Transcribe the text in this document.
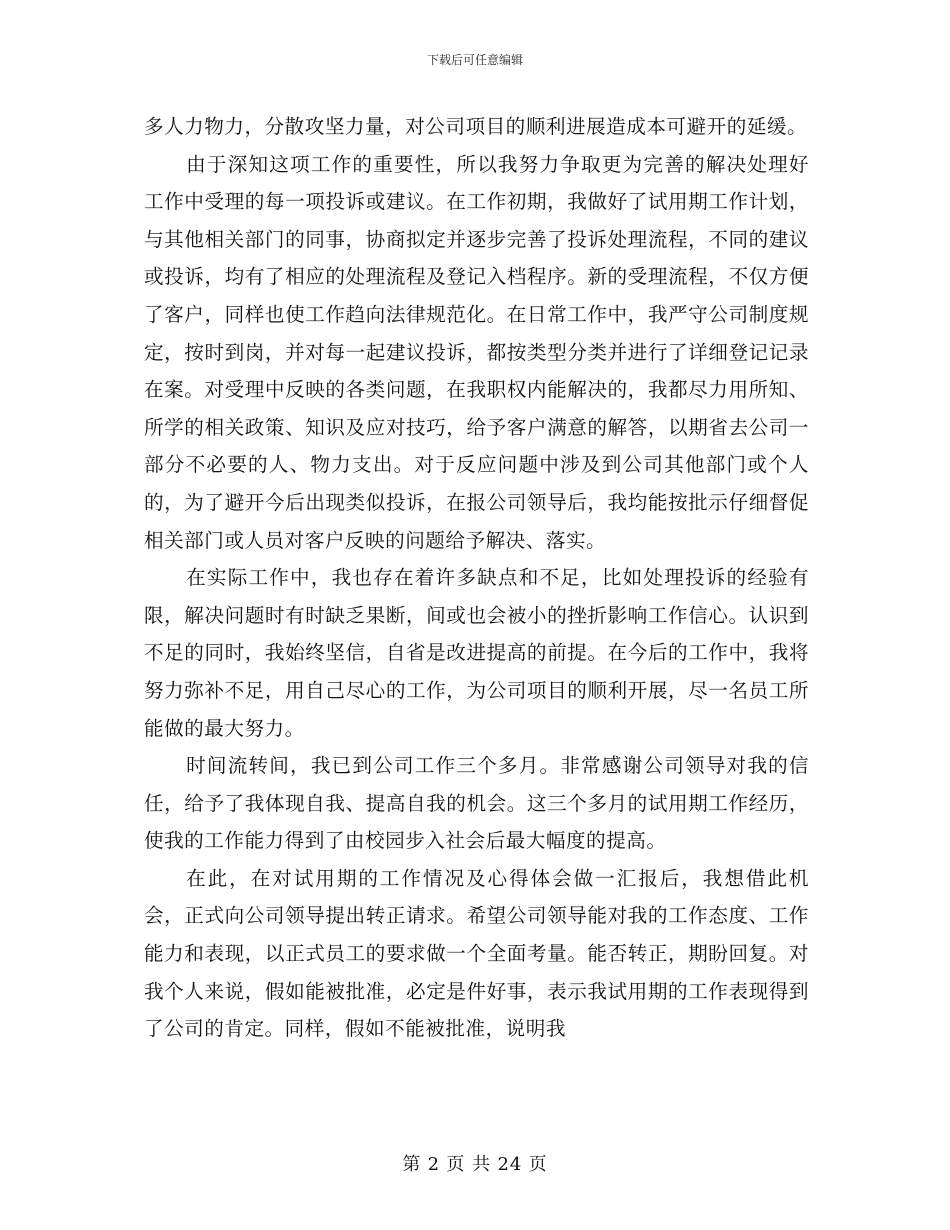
下载后可任意编辑

多人力物力，分散攻坚力量，对公司项目的顺利进展造成本可避开的延缓。

由于深知这项工作的重要性，所以我努力争取更为完善的解决处理好工作中受理的每一项投诉或建议。在工作初期，我做好了试用期工作计划，与其他相关部门的同事，协商拟定并逐步完善了投诉处理流程，不同的建议或投诉，均有了相应的处理流程及登记入档程序。新的受理流程，不仅方便了客户，同样也使工作趋向法律规范化。在日常工作中，我严守公司制度规定，按时到岗，并对每一起建议投诉，都按类型分类并进行了详细登记记录在案。对受理中反映的各类问题，在我职权内能解决的，我都尽力用所知、所学的相关政策、知识及应对技巧，给予客户满意的解答，以期省去公司一部分不必要的人、物力支出。对于反应问题中涉及到公司其他部门或个人的，为了避开今后出现类似投诉，在报公司领导后，我均能按批示仔细督促相关部门或人员对客户反映的问题给予解决、落实。

在实际工作中，我也存在着许多缺点和不足，比如处理投诉的经验有限，解决问题时有时缺乏果断，间或也会被小的挫折影响工作信心。认识到不足的同时，我始终坚信，自省是改进提高的前提。在今后的工作中，我将努力弥补不足，用自己尽心的工作，为公司项目的顺利开展，尽一名员工所能做的最大努力。

时间流转间，我已到公司工作三个多月。非常感谢公司领导对我的信任，给予了我体现自我、提高自我的机会。这三个多月的试用期工作经历，使我的工作能力得到了由校园步入社会后最大幅度的提高。

在此，在对试用期的工作情况及心得体会做一汇报后，我想借此机会，正式向公司领导提出转正请求。希望公司领导能对我的工作态度、工作能力和表现，以正式员工的要求做一个全面考量。能否转正，期盼回复。对我个人来说，假如能被批准，必定是件好事，表示我试用期的工作表现得到了公司的肯定。同样，假如不能被批准，说明我

第 2 页 共 24 页
